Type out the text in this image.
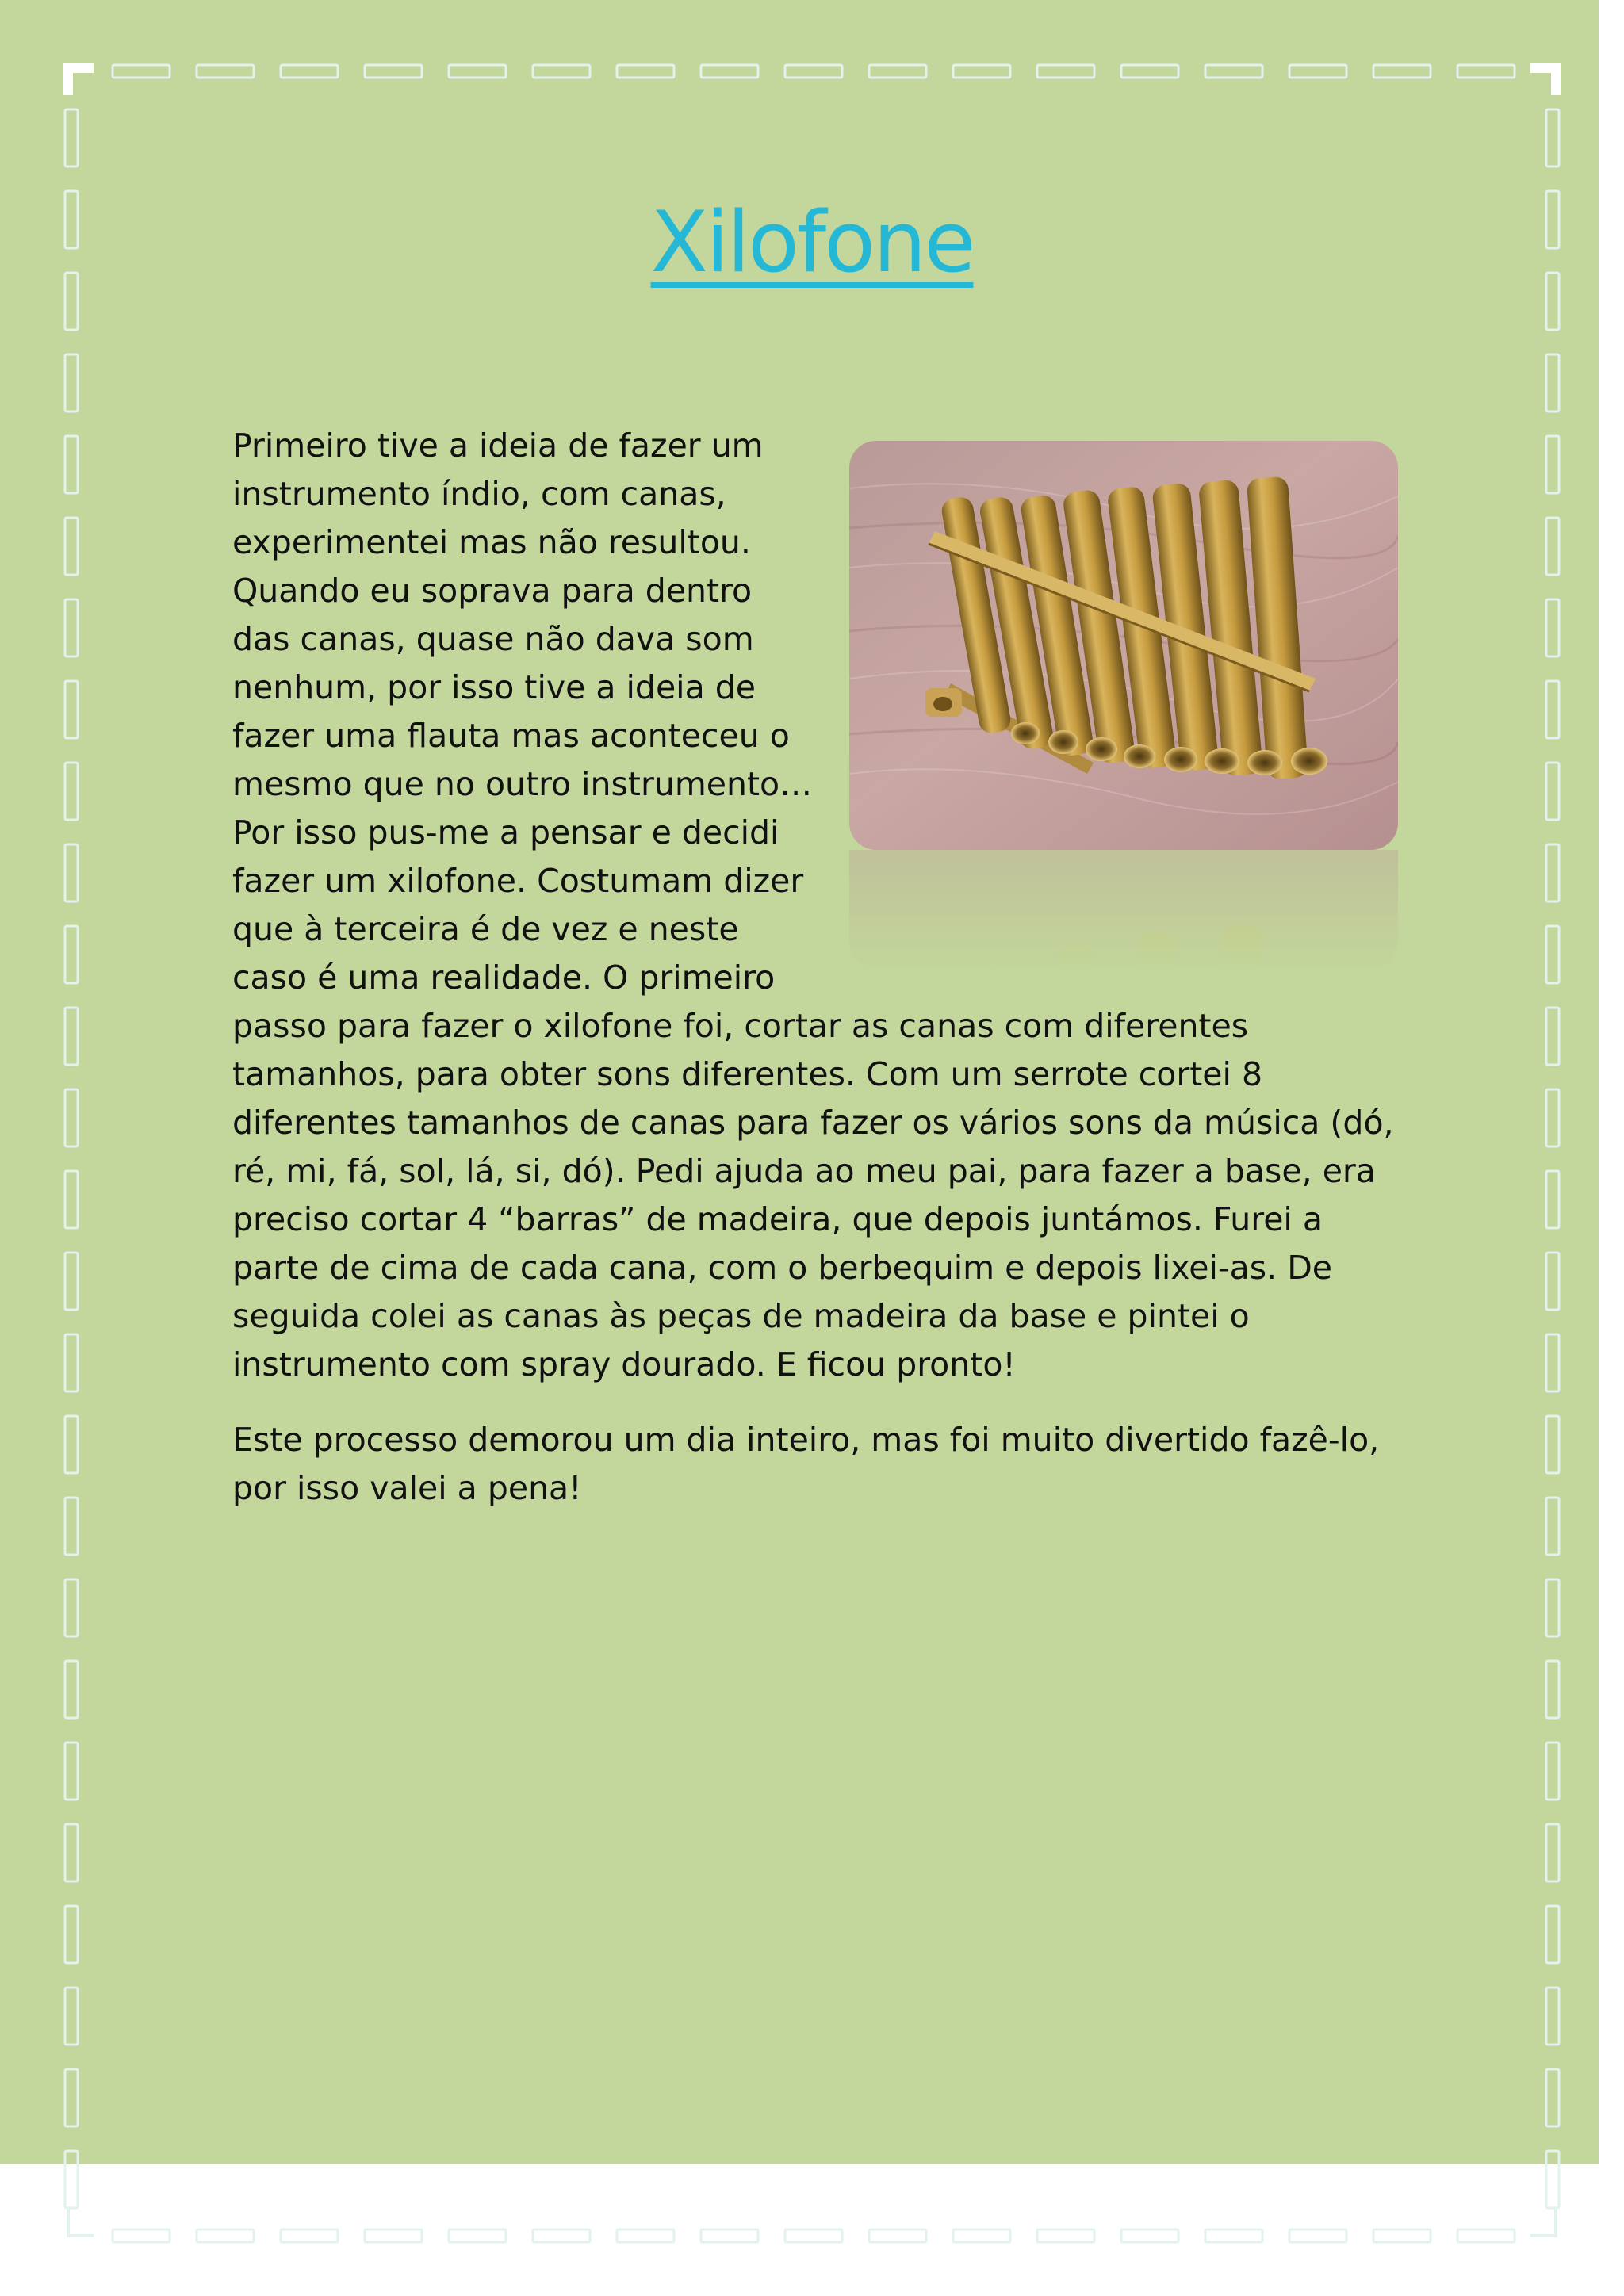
Xilofone

Primeiro tive a ideia de fazer um instrumento índio, com canas, experimentei mas não resultou. Quando eu soprava para dentro das canas, quase não dava som nenhum, por isso tive a ideia de fazer uma flauta mas aconteceu o mesmo que no outro instrumento…Por isso pus-me a pensar e decidi fazer um xilofone. Costumam dizer que à terceira é de vez e neste caso é uma realidade. O primeiro passo para fazer o xilofone foi, cortar as canas com diferentes tamanhos, para obter sons diferentes. Com um serrote cortei 8 diferentes tamanhos de canas para fazer os vários sons da música (dó, ré, mi, fá, sol, lá, si, dó). Pedi ajuda ao meu pai, para fazer a base, era preciso cortar 4 “barras” de madeira, que depois juntámos. Furei a parte de cima de cada cana, com o berbequim e depois lixei-as. De seguida colei as canas às peças de madeira da base e pintei o instrumento com spray dourado. E ficou pronto!

Este processo demorou um dia inteiro, mas foi muito divertido fazê-lo, por isso valei a pena!
